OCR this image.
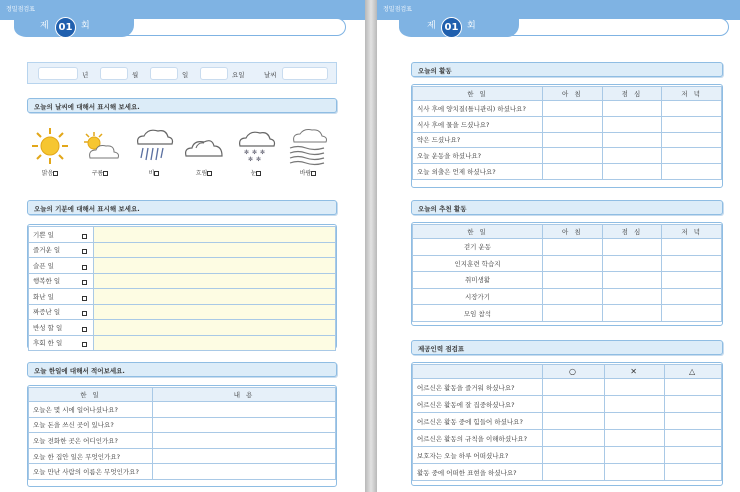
정밀점검표
제 01 회
년	월	일	요일	날씨
오늘의 날씨에 대해서 표시해 보세요.
맑음	구름	비	흐림
✻ ✻ ✻
✻ ✻
눈	바람
오늘의 기분에 대해서 표시해 보세요.
기쁜 일

즐거운 일

슬픈 일

행복한 일

화난 일

짜증난 일

반성 할 일

후회 한 일

오늘 한일에 대해서 적어보세요.
한 일	내 용
오늘은 몇 시에 일어나셨나요?	
오늘 돈을 쓰신 곳이 있나요?	
오늘 전화한 곳은 어디인가요?	
오늘 한 집안 일은 무엇인가요?	
오늘 만난 사람의 이름은 무엇인가요?	
정밀점검표
제 01 회
오늘의 활동
한 일	아 침	점 심	저 녁
식사 후에 양치질(틀니관리) 하셨나요?			
식사 후에 물을 드셨나요?			
약은 드셨나요?			
오늘 운동을 하셨나요?			
오늘 외출은 언제 하셨나요?			
오늘의 추천 활동
한 일	아 침	점 심	저 녁
걷기 운동			
인지훈련 학습지			
취미생활			
시장가기			
모임 참석			
제공인력 점검표
	○	✕	△
어르신은 활동을 즐거워 하셨나요?			
어르신은 활동에 잘 집중하셨나요?			
어르신은 활동 중에 힘들어 하셨나요?			
어르신은 활동의 규칙을 이해하셨나요?			
보호자는 오늘 하루 어떠셨나요?			
활동 중에 어떠한 표현을 하셨나요?			
